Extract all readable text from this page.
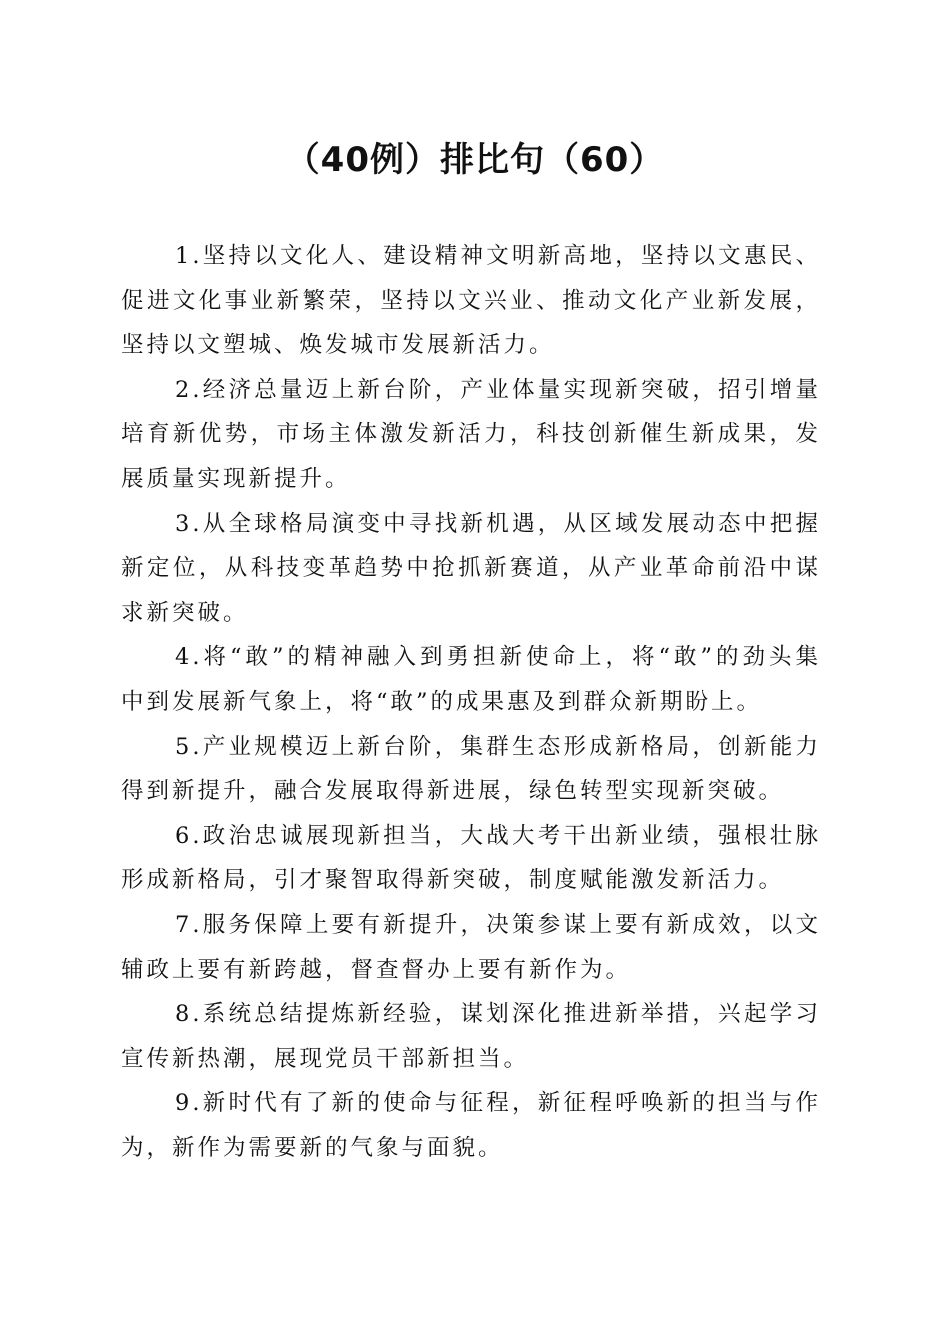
（40例）排比句（60）

1.坚持以文化人、建设精神文明新高地，坚持以文惠民、促进文化事业新繁荣，坚持以文兴业、推动文化产业新发展，坚持以文塑城、焕发城市发展新活力。

2.经济总量迈上新台阶，产业体量实现新突破，招引增量培育新优势，市场主体激发新活力，科技创新催生新成果，发展质量实现新提升。

3.从全球格局演变中寻找新机遇，从区域发展动态中把握新定位，从科技变革趋势中抢抓新赛道，从产业革命前沿中谋求新突破。

4.将“敢”的精神融入到勇担新使命上，将“敢”的劲头集中到发展新气象上，将“敢”的成果惠及到群众新期盼上。

5.产业规模迈上新台阶，集群生态形成新格局，创新能力得到新提升，融合发展取得新进展，绿色转型实现新突破。

6.政治忠诚展现新担当，大战大考干出新业绩，强根壮脉形成新格局，引才聚智取得新突破，制度赋能激发新活力。

7.服务保障上要有新提升，决策参谋上要有新成效，以文辅政上要有新跨越，督查督办上要有新作为。

8.系统总结提炼新经验，谋划深化推进新举措，兴起学习宣传新热潮，展现党员干部新担当。

9.新时代有了新的使命与征程，新征程呼唤新的担当与作为，新作为需要新的气象与面貌。
